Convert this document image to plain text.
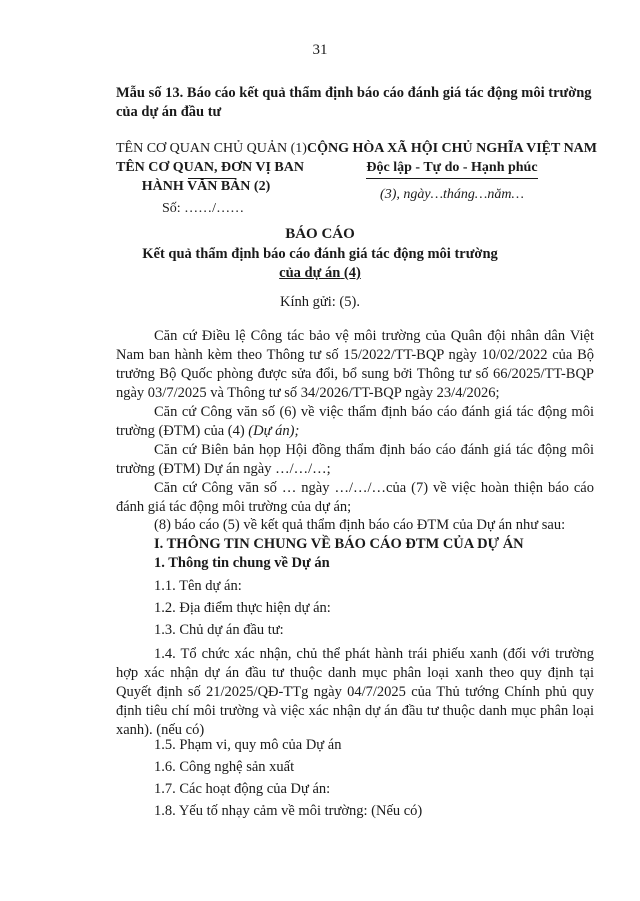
31
Mẫu số 13. Báo cáo kết quả thẩm định báo cáo đánh giá tác động môi trường
của dự án đầu tư
TÊN CƠ QUAN CHỦ QUẢN (1)
TÊN CƠ QUAN, ĐƠN VỊ BAN
HÀNH VĂN BẢN (2)
Số: ……/……
CỘNG HÒA XÃ HỘI CHỦ NGHĨA VIỆT NAM
Độc lập - Tự do - Hạnh phúc
(3), ngày…tháng…năm…
BÁO CÁO
Kết quả thẩm định báo cáo đánh giá tác động môi trường
của dự án (4)
Kính gửi: (5).
Căn cứ Điều lệ Công tác bảo vệ môi trường của Quân đội nhân dân Việt Nam ban hành kèm theo Thông tư số 15/2022/TT-BQP ngày 10/02/2022 của Bộ trưởng Bộ Quốc phòng được sửa đổi, bổ sung bởi Thông tư số 66/2025/TT-BQP ngày 03/7/2025 và Thông tư số 34/2026/TT-BQP ngày 23/4/2026;
Căn cứ Công văn số (6) về việc thẩm định báo cáo đánh giá tác động môi trường (ĐTM) của (4) (Dự án);
Căn cứ Biên bản họp Hội đồng thẩm định báo cáo đánh giá tác động môi trường (ĐTM) Dự án ngày …/…/…;
Căn cứ Công văn số … ngày …/…/…của (7) về việc hoàn thiện báo cáo đánh giá tác động môi trường của dự án;
(8) báo cáo (5) về kết quả thẩm định báo cáo ĐTM của Dự án như sau:
I. THÔNG TIN CHUNG VỀ BÁO CÁO ĐTM CỦA DỰ ÁN
1. Thông tin chung về Dự án
1.1. Tên dự án:
1.2. Địa điểm thực hiện dự án:
1.3. Chủ dự án đầu tư:
1.4. Tổ chức xác nhận, chủ thể phát hành trái phiếu xanh (đối với trường hợp xác nhận dự án đầu tư thuộc danh mục phân loại xanh theo quy định tại Quyết định số 21/2025/QĐ-TTg ngày 04/7/2025 của Thủ tướng Chính phủ quy định tiêu chí môi trường và việc xác nhận dự án đầu tư thuộc danh mục phân loại xanh). (nếu có)
1.5. Phạm vi, quy mô của Dự án
1.6. Công nghệ sản xuất
1.7. Các hoạt động của Dự án:
1.8. Yếu tố nhạy cảm về môi trường: (Nếu có)
